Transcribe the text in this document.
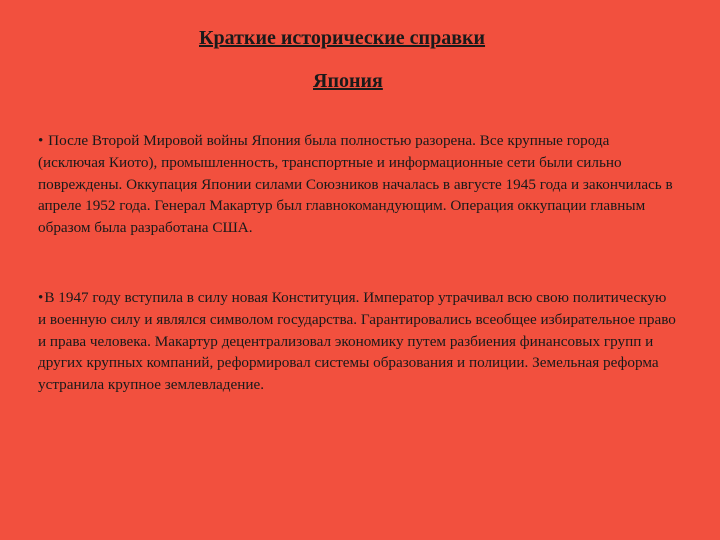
Краткие исторические справки
Япония

• После Второй Мировой войны Япония была полностью разорена. Все крупные города (исключая Киото), промышленность, транспортные и информационные сети были сильно повреждены. Оккупация Японии силами Союзников началась в августе 1945 года и закончилась в апреле 1952 года. Генерал Макартур был главнокомандующим. Операция оккупации главным образом была разработана США.

•В 1947 году вступила в силу новая Конституция. Император утрачивал всю свою политическую и военную силу и являлся символом государства. Гарантировались всеобщее избирательное право и права человека. Макартур децентрализовал экономику путем разбиения финансовых групп и других крупных компаний, реформировал системы образования и полиции. Земельная реформа устранила крупное землевладение.
